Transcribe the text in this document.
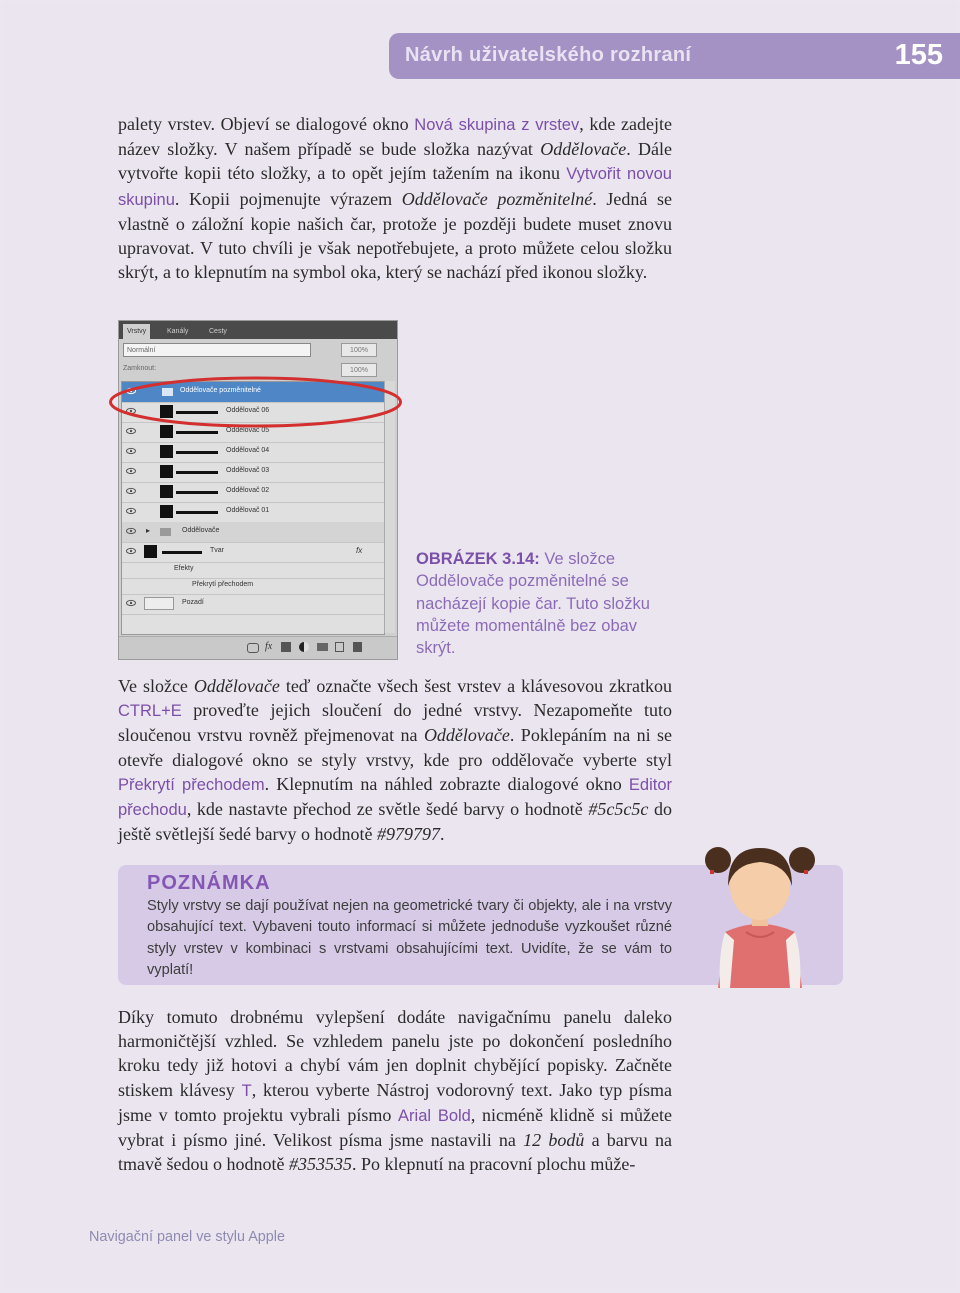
Návrh uživatelského rozhraní	155

palety vrstev. Objeví se dialogové okno Nová skupina z vrstev, kde zadejte název složky. V našem případě se bude složka nazývat Oddělovače. Dále vytvořte kopii této složky, a to opět jejím tažením na ikonu Vytvořit novou skupinu. Kopii pojmenujte výrazem Oddělovače pozměnitelné. Jedná se vlastně o záložní kopie našich čar, protože je později budete muset znovu upravovat. V tuto chvíli je však nepotřebujete, a proto můžete celou složku skrýt, a to klepnutím na symbol oka, který se nachází před ikonou složky.

Vrstvy	Kanály	Cesty
Normální	100%
Zamknout:	100%
Oddělovače pozměnitelné
Oddělovač 06
Oddělovač 05
Oddělovač 04
Oddělovač 03
Oddělovač 02
Oddělovač 01
▸	Oddělovače
Tvar	fx
Efekty
Překrytí přechodem
Pozadí
fx
OBRÁZEK 3.14: Ve složce Oddělovače pozměnitelné se nacházejí kopie čar. Tuto složku můžete momentálně bez obav skrýt.

Ve složce Oddělovače teď označte všech šest vrstev a klávesovou zkratkou CTRL+E proveďte jejich sloučení do jedné vrstvy. Nezapomeňte tuto sloučenou vrstvu rovněž přejmenovat na Oddělovače. Poklepáním na ni se otevře dialogové okno se styly vrstvy, kde pro oddělovače vyberte styl Překrytí přechodem. Klepnutím na náhled zobrazte dialogové okno Editor přechodu, kde nastavte přechod ze světle šedé barvy o hodnotě #5c5c5c do ještě světlejší šedé barvy o hodnotě #979797.

POZNÁMKA
Styly vrstvy se dají používat nejen na geometrické tvary či objekty, ale i na vrstvy obsahující text. Vybaveni touto informací si můžete jednoduše vyzkoušet různé styly vrstev v kombinaci s vrstvami obsahujícími text. Uvidíte, že se vám to vyplatí!

Díky tomuto drobnému vylepšení dodáte navigačnímu panelu daleko harmoničtější vzhled. Se vzhledem panelu jste po dokončení posledního kroku tedy již hotovi a chybí vám jen doplnit chybějící popisky. Začněte stiskem klávesy T, kterou vyberte Nástroj vodorovný text. Jako typ písma jsme v tomto projektu vybrali písmo Arial Bold, nicméně klidně si můžete vybrat i písmo jiné. Velikost písma jsme nastavili na 12 bodů a barvu na tmavě šedou o hodnotě #353535. Po klepnutí na pracovní plochu může-

Navigační panel ve stylu Apple
